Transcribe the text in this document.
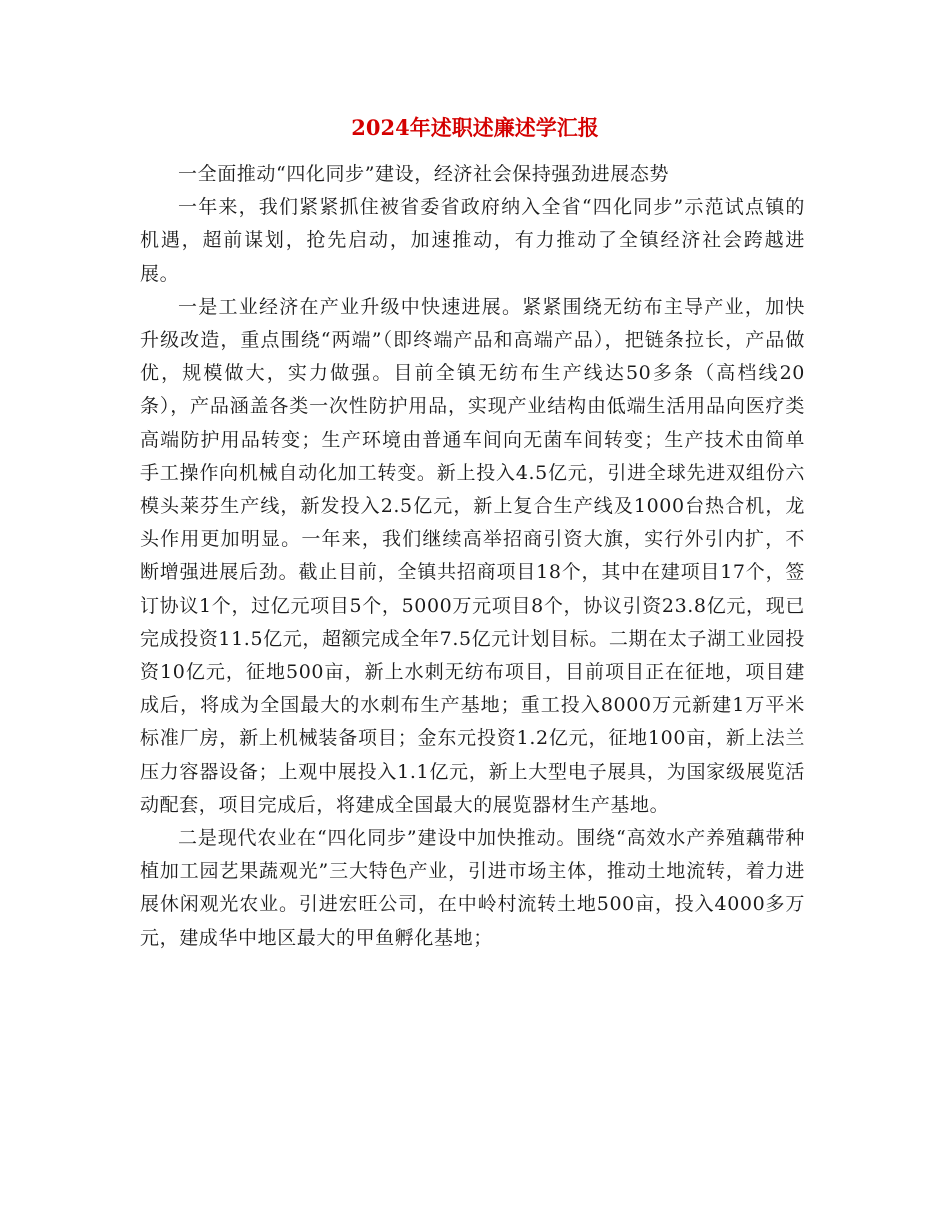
2024年述职述廉述学汇报

一全面推动“四化同步”建设，经济社会保持强劲进展态势

一年来，我们紧紧抓住被省委省政府纳入全省“四化同步”示范试点镇的机遇，超前谋划，抢先启动，加速推动，有力推动了全镇经济社会跨越进展。

一是工业经济在产业升级中快速进展。紧紧围绕无纺布主导产业，加快升级改造，重点围绕“两端”（即终端产品和高端产品），把链条拉长，产品做优，规模做大，实力做强。目前全镇无纺布生产线达50多条（高档线20条），产品涵盖各类一次性防护用品，实现产业结构由低端生活用品向医疗类高端防护用品转变；生产环境由普通车间向无菌车间转变；生产技术由简单手工操作向机械自动化加工转变。新上投入4.5亿元，引进全球先进双组份六模头莱芬生产线，新发投入2.5亿元，新上复合生产线及1000台热合机，龙头作用更加明显。一年来，我们继续高举招商引资大旗，实行外引内扩，不断增强进展后劲。截止目前，全镇共招商项目18个，其中在建项目17个，签订协议1个，过亿元项目5个，5000万元项目8个，协议引资23.8亿元，现已完成投资11.5亿元，超额完成全年7.5亿元计划目标。二期在太子湖工业园投资10亿元，征地500亩，新上水刺无纺布项目，目前项目正在征地，项目建成后，将成为全国最大的水刺布生产基地；重工投入8000万元新建1万平米标准厂房，新上机械装备项目；金东元投资1.2亿元，征地100亩，新上法兰压力容器设备；上观中展投入1.1亿元，新上大型电子展具，为国家级展览活动配套，项目完成后，将建成全国最大的展览器材生产基地。

二是现代农业在“四化同步”建设中加快推动。围绕“高效水产养殖藕带种植加工园艺果蔬观光”三大特色产业，引进市场主体，推动土地流转，着力进展休闲观光农业。引进宏旺公司，在中岭村流转土地500亩，投入4000多万元，建成华中地区最大的甲鱼孵化基地；
